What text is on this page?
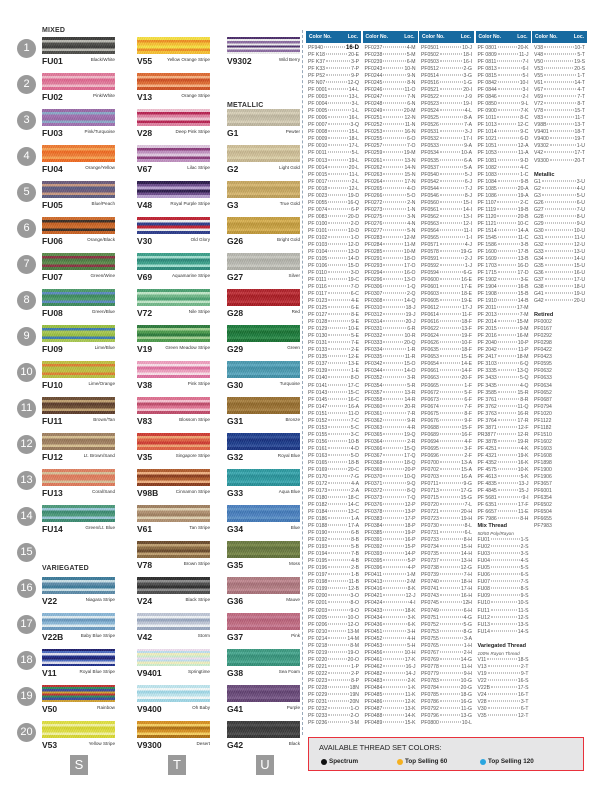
MIXED
METALLIC
VARIEGATED
S	T	U
1
2
3
4
5
6
7
8
9
10
11
12
13
14
15
16
17
18
19
20
FU01	Black/White
FU02	Pink/White
FU03	Pink/Turquoise
FU04	Orange/Yellow
FU05	Blue/Peach
FU06	Orange/Black
FU07	Green/Wine
FU08	Green/Blue
FU09	Lime/Blue
FU10	Lime/Orange
FU11	Brown/Tan
FU12	Lt. Brown/Sand
FU13	Coral/Sand
FU14	Green/Lt. Blue
V22	Niagara Stripe
V22B	Baby Blue Stripe
V11	Royal Blue Stripe
V50	Rainbow
V53	Yellow Stripe
V55	Yellow Orange Stripe
V13	Orange Stripe
V28	Deep Pink Stripe
V67	Lilac Stripe
V48	Royal Purple Stripe
V30	Old Glory
V69	Aquamarine Stripe
V72	Nile Stripe
V19	Green Meadow Stripe
V38	Pink Stripe
V83	Blossom Stripe
V35	Singapore Stripe
V98B	Cinnamon Stripe
V61	Tan Stripe
V78	Brown Stripe
V24	Black Stripe
V42	Storm
V9401	Springtime
V9400	Oh Baby
V9300	Desert
V9302	Wild Berry
G1	Pewter
G2	Light Gold
G3	True Gold
G26	Bright Gold
G27	Silver
G28	Red
G29	Green
G30	Turquoise
G31	Bronze
G32	Royal Blue
G33	Aqua Blue
G34	Blue
G35	Moss
G36	Mauve
G37	Pink
G38	Sea Foam
G41	Purple
G42	Black
Color No.	Loc.
PF940	16-D
PF K18	20-E
PF K37	3-P
PF K33	7-P
PF P52	9-P
PF N07	12-Q
PF 0001	14-L
PF 0003	13-L
PF 0004	3-L
PF 0005	1-L
PF 0006	16-L
PF 0007	3-Q
PF 0008	15-L
PF 0009	18-L
PF 0010	17-L
PF 0011	5-L
PF 0013	19-L
PF 0014	20-L
PF 0015	11-L
PF 0017	2-L
PF 0018	12-L
PF 0023	19-D
PF 0055	16-Q
PF 0074	6-P
PF 0083	20-D
PF 0100	2-D
PF 0101	10-D
PF 0102	1-D
PF 0103	12-D
PF 0104	13-D
PF 0105	14-D
PF 0106	15-D
PF 0110	3-D
PF 0111	19-C
PF 0116	7-D
PF 0117	6-C
PF 0123	4-E
PF 0125	6-E
PF 0127	8-E
PF 0128	9-E
PF 0129	10-E
PF 0130	5-E
PF 0131	7-E
PF 0133	2-E
PF 0135	12-E
PF 0137	13-E
PF 0139	1-E
PF 0140	8-D
PF 0141	17-C
PF 0143	15-C
PF 0145	16-C
PF 0147	16-A
PF 0151	11-D
PF 0152	7-C
PF 0153	5-C
PF 0155	3-C
PF 0156	10-B
PF 0161	4-D
PF 0163	5-D
PF 0165	18-B
PF 0169	20-C
PF 0170	7-G
PF 0172	4-A
PF 0173	2-A
PF 0180	18-C
PF 0182	14-C
PF 0184	13-C
PF 0186	1-A
PF 0188	17-A
PF 0190	6-B
PF 0192	8-B
PF 0193	5-B
PF 0194	7-B
PF 0195	4-B
PF 0196	2-B
PF 0197	1-B
PF 0198	11-B
PF 0199	12-B
PF 0200	3-O
PF 0201	8-O
PF 0203	9-O
PF 0205	10-O
PF 0206	12-O
PF 0210	13-M
PF 0214	14-M
PF 0218	8-M
PF 0219	19-O
PF 0220	20-O
PF 0221	1-P
PF 0222	2-P
PF 0223	8-P
PF 0228	18N
PF 0229	19N
PF 0231	20N
PF 0232	1-O
PF 0233	2-O
PF 0236	3-M
Color No.	Loc.
PF0237	4-M
PF0238	5-M
PF0239	6-M
PF0243	10-N
PF0244	9-N
PF0245	8-N
PF0246	11-O
PF0247	7-N
PF0248	6-N
PF0249	20-M
PF0251	12-N
PF0252	11-N
PF0253	16-N
PF0255	6-O
PF0257	7-O
PF0259	19-M
PF0261	13-N
PF0262	14-N
PF0263	15-N
PF0264	17-N
PF0265	4-O
PF0266	5-O
PF0272	2-N
PF0273	1-N
PF0275	3-N
PF0276	4-N
PF0277	5-N
PF0283	12-M
PF0284	11-M
PF0285	10-M
PF0291	18-O
PF0293	17-O
PF0294	16-O
PF0296	13-O
PF0306	1-Q
PF0307	2-Q
PF0308	14-Q
PF0310	18-J
PF0312	19-J
PF0314	20-J
PF0331	6-R
PF0332	10-R
PF0333	20-Q
PF0334	1-R
PF0335	11-R
PF0342	15-O
PF0344	14-O
PF0352	3-R
PF0354	5-R
PF0357	13-R
PF0358	14-R
PF0360	20-R
PF0361	7-R
PF0362	9-R
PF0363	4-R
PF0365	19-Q
PF0364	2-R
PF0366	15-Q
PF0367	17-Q
PF0368	18-Q
PF0369	20-P
PF0370	10-Q
PF0371	9-Q
PF0372	8-Q
PF0373	7-Q
PF0376	12-P
PF0378	13-P
PF0383	17-P
PF0384	18-P
PF0385	19-P
PF0391	16-P
PF0392	15-P
PF0393	14-P
PF0395	5-P
PF0396	4-P
PF0411	1-M
PF0413	2-M
PF0416	8-K
PF0421	12-J
PF0424	4-I
PF0433	18-K
PF0434	3-K
PF0436	6-K
PF0451	3-H
PF0452	4-H
PF0453	5-H
PF0456	10-H
PF0461	17-K
PF0462	16-J
PF0482	14-J
PF0483	2-K
PF0484	1-K
PF0485	11-K
PF0486	12-K
PF0487	13-K
PF0488	14-K
PF0489	15-K
Color No.	Loc.
PF0501	10-J
PF0502	18-I
PF0503	16-I
PF0512	2-G
PF0514	3-G
PF0516	1-G
PF0521	20-I
PF0522	J-9
PF0523	19-I
PF0524	4-L
PF0525	8-A
PF0526	7-A
PF0531	3-J
PF0532	17-I
PF0533	9-A
PF0534	10-A
PF0535	6-A
PF0537	5-A
PF0540	5-J
PF0542	6-J
PF0544	7-J
PF0546	8-J
PF0560	15-I
PF0561	14-I
PF0562	13-I
PF0563	12-I
PF0564	11-I
PF0565	1-I
PF0571	4-J
PF0578	19-G
PF0591	2-J
PF0592	1-J
PF0594	6-G
PF0600	16-E
PF0601	17-E
PF0603	18-E
PF0605	19-E
PF0612	17-J
PF0614	11-F
PF0616	18-F
PF0622	13-F
PF0624	19-F
PF0626	10-F
PF0635	18-F
PF0653	15-E
PF0654	14-E
PF0661	14-F
PF0663	20-F
PF0665	1-F
PF0672	5-F
PF0673	6-F
PF0674	7-F
PF0675	8-F
PF0676	9-F
PF0688	15-F
PF0689	16-F
PF0694	4-F
PF0695	3-F
PF0696	2-F
PF0700	13-A
PF0702	15-A
PF0703	16-A
PF0711	9-G
PF0713	17-G
PF0715	15-G
PF0720	7-L
PF0721	20-H
PF0723	19-H
PF0730	8-L
PF0731	6-L
PF0733	8-H
PF0734	15-H
PF0735	14-H
PF0737	13-H
PF0738	12-G
PF0739	7-H
PF0740	18-H
PF0741	17-H
PF0743	16-H
PF0745	12H
PF0749	6-H
PF0751	4-G
PF0752	5-G
PF0753	8-G
PF0755	3-A
PF0765	1-H
PF0767	2-H
PF0769	14-G
PF0778	11-H
PF0779	9-H
PF0783	10-G
PF0784	20-G
PF0785	18-G
PF0786	16-G
PF0792	11-G
PF0796	13-G
PF0800	10-L
Color No.	Loc.
PF 0801	20-K
PF 0809	11-J
PF 0811	7-I
PF 0813	6-I
PF 0815	5-I
PF 0842	10-I
PF 0844	3-I
PF 0846	2-I
PF 0850	9-L
PF 0900	7-K
PF 1011	8-C
PF 1013	12-C
PF 1014	9-C
PF 1021	6-D
PF 1051	12-A
PF 1053	11-A
PF 1081	9-D
PF 1082	4-C
PF 1083	1-C
PF 1084	9-B
PF 1085	20-A
PF 1086	19-A
PF 1107	2-C
PF 1119	19-B
PF 1120	20-B
PF 1121	10-C
PF 1514	14-A
PF 1545	11-C
PF 1586	3-B
PF 1600	17-B
PF 1609	13-B
PF 1703	16-D
PF 1715	17-D
PF 1902	3-E
PF 1904	16-B
PF 1908	15-B
PF 1910	14-B
PF 2011	17-M
PF 2013	7-M
PF 2014	15-M
PF 2015	9-M
PF 2016	16-M
PF 2040	10-P
PF 2042	11-P
PF 2417	18-M
PF 3103	6-Q
PF 3335	13-Q
PF 3433	5-Q
PF 3435	4-Q
PF 3585	15-R
PF 3761	8-R
PF 3762	11-Q
PF 3763	16-R
PF 3764	17-R
PF 3871	12-F
PR3877	12-R
PF 3878	19-R
PF 4251	4-K
PF 4321	19-K
PF 4352	16-K
PF 4575	10-K
PF 4613	5-K
PF 4835	13-J
PF 4845	15-J
PF 5681	9-I
PF 6351	17-F
PF 6657	11-E
PF 7986	8-H
Mix Thread
50/50 Poly/Rayon
FU01	1-S
FU02	2-S
FU03	3-S
FU04	4-S
FU05	5-S
FU06	6-S
FU07	7-S
FU08	8-S
FU09	9-S
FU10	10-S
FU11	11-S
FU12	12-S
FU13	13-S
FU14	14-S
Variegated Thread
100% Rayon Thread
V11	18-S
V13	2-T
V19	9-T
V22	16-S
V22B	17-S
V24	16-T
V28	3-T
V30	6-T
V35	12-T
Color No.	Loc.
V38	10-T
V48	5-T
V50	19-S
V53	20-S
V55	1-T
V61	14-T
V67	4-T
V69	7-T
V72	8-T
V78	15-T
V83	11-T
V98B	13-T
V9401	18-T
V9400	19-T
V9302	1-U
V42	17-T
V9300	20-T
Metallic
G1	3-U
G2	4-U
G3	5-U
G26	6-U
G27	7-U
G28	8-U
G29	9-U
G30	10-U
G31	11-U
G32	12-U
G33	13-U
G34	14-U
G35	15-U
G36	16-U
G37	17-U
G38	18-U
G41	19-U
G42	20-U
Retired
PF0002
PF0167
PF0292
PF0298
PF0422
PF0423
PF0595
PF0632
PF0633
PF0634
PF0652
PF0687
PF0794
PF1020
PF1122
PF1182
PF1510
PF1602
PF1603
PF1608
PF1898
PF1900
PF1906
PF3657
PF6001
PF6354
PF6502
PF6504
PF6655
PF7983
AVAILABLE THREAD SET COLORS:
Spectrum	Top Selling 60	Top Selling 120
